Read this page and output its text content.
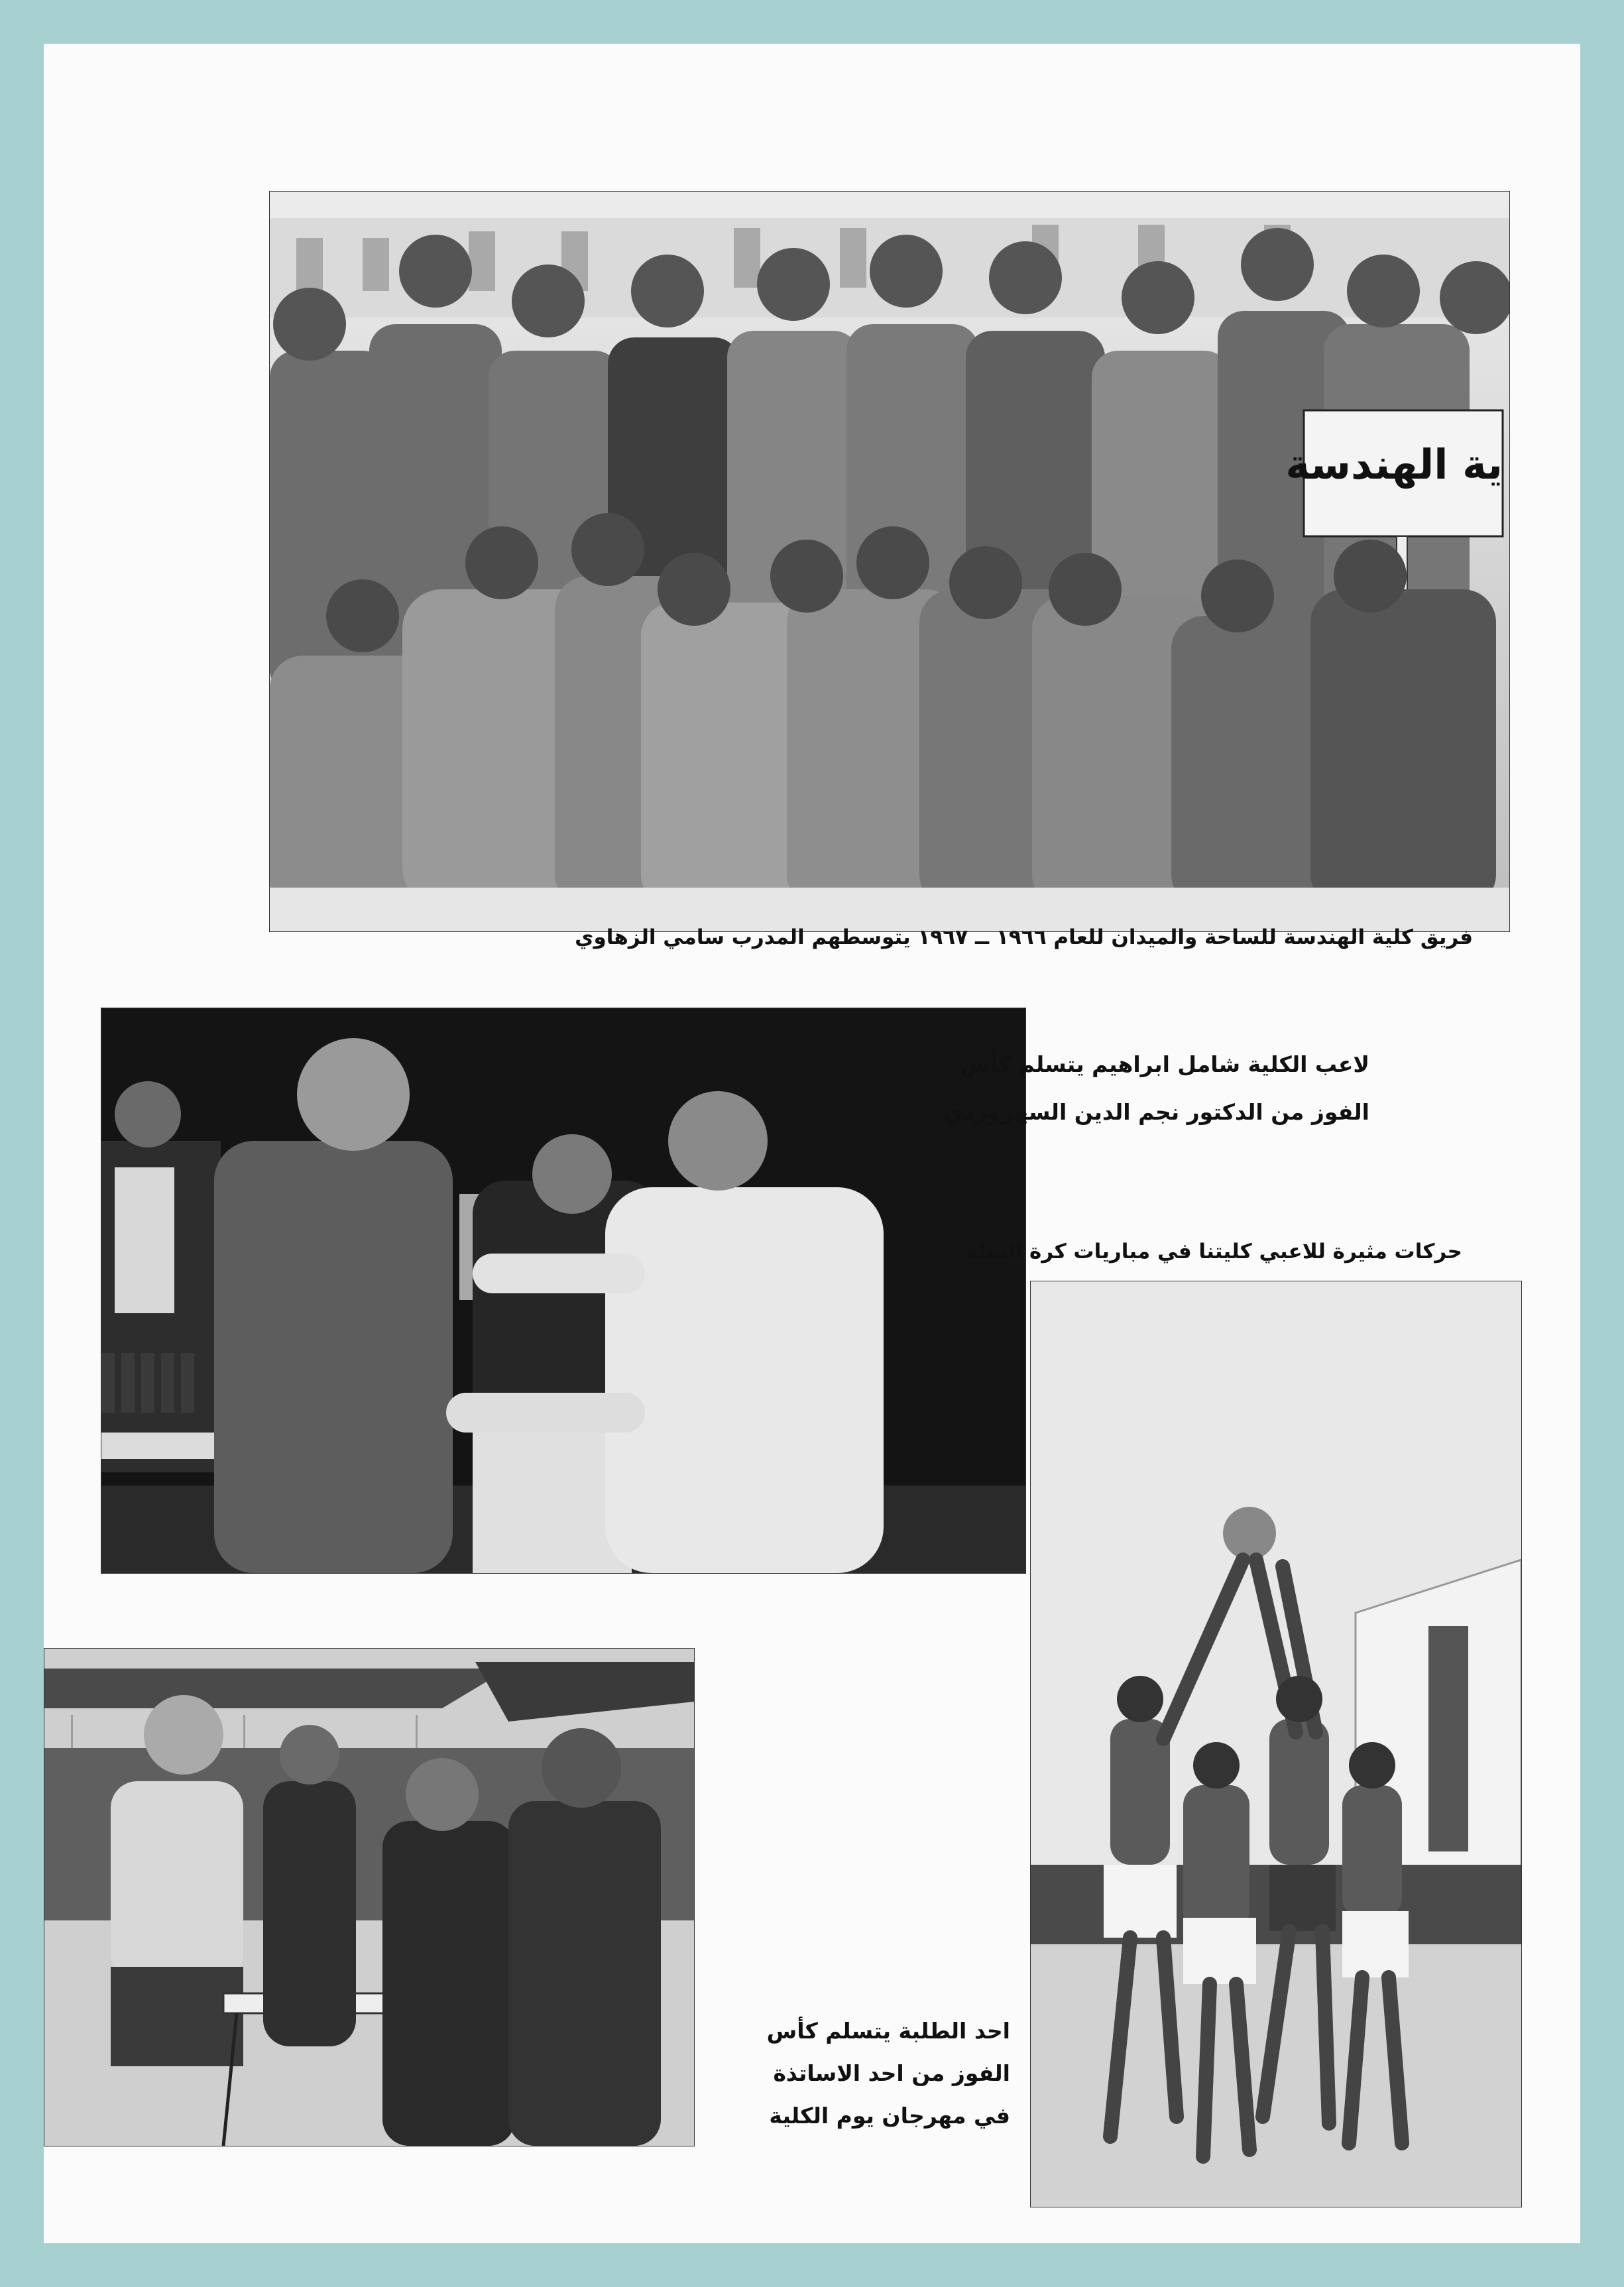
ية الهندسة
فريق كلية الهندسة للساحة والميدان للعام ١٩٦٦ ــ ١٩٦٧ يتوسطهم المدرب سامي الزهاوي
لاعب الكلية شامل ابراهيم يتسلم كأس
الفوز من الدكتور نجم الدين السهروردي
حركات مثيرة للاعبي كليتنا في مباريات كرة السلة
احد الطلبة يتسلم كأس
الفوز من احد الاساتذة
في مهرجان يوم الكلية
